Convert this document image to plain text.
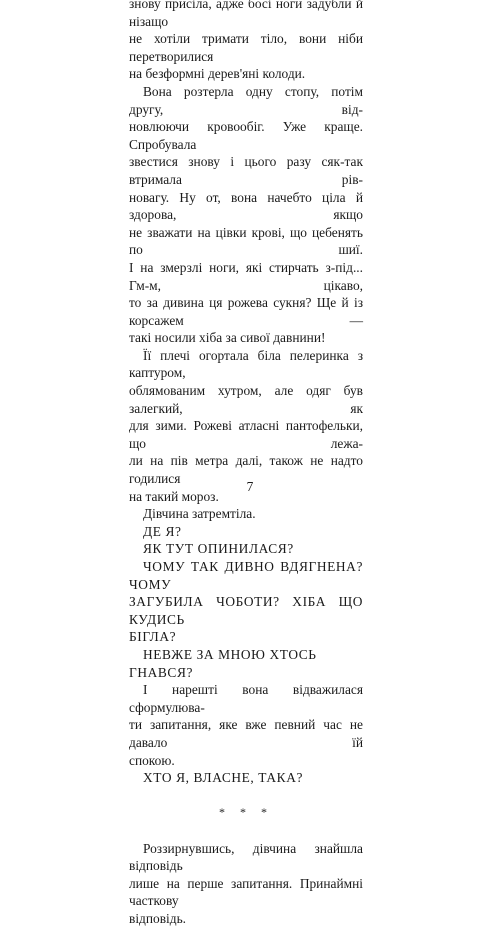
знову присіла, адже босі ноги задубли й нізащо
не хотіли тримати тіло, вони ніби перетворилися
на безформні дерев'яні колоди.
Вона розтерла одну стопу, потім другу, від-
новлюючи кровообіг. Уже краще. Спробувала
звестися знову і цього разу сяк-так втримала рів-
новагу. Ну от, вона начебто ціла й здорова, якщо
не зважати на цівки крові, що цебенять по шиї.
І на змерзлі ноги, які стирчать з-під... Гм-м, цікаво,
то за дивина ця рожева сукня? Ще й із корсажем —
такі носили хіба за сивої давнини!
Її плечі огортала біла пелеринка з каптуром,
облямованим хутром, але одяг був залегкий, як
для зими. Рожеві атласні пантофельки, що лежа-
ли на пів метра далі, також не надто годилися
на такий мороз.
Дівчина затремтіла.
ДЕ Я?
ЯК ТУТ ОПИНИЛАСЯ?
ЧОМУ ТАК ДИВНО ВДЯГНЕНА? ЧОМУ
ЗАГУБИЛА ЧОБОТИ? ХІБА ЩО КУДИСЬ
БІГЛА?
НЕВЖЕ ЗА МНОЮ ХТОСЬ ГНАВСЯ?
І нарешті вона відважилася сформулюва-
ти запитання, яке вже певний час не давало їй
спокою.
ХТО Я, ВЛАСНЕ, ТАКА?
* * *
Роззирнувшись, дівчина знайшла відповідь
лише на перше запитання. Принаймні часткову
відповідь.
7
